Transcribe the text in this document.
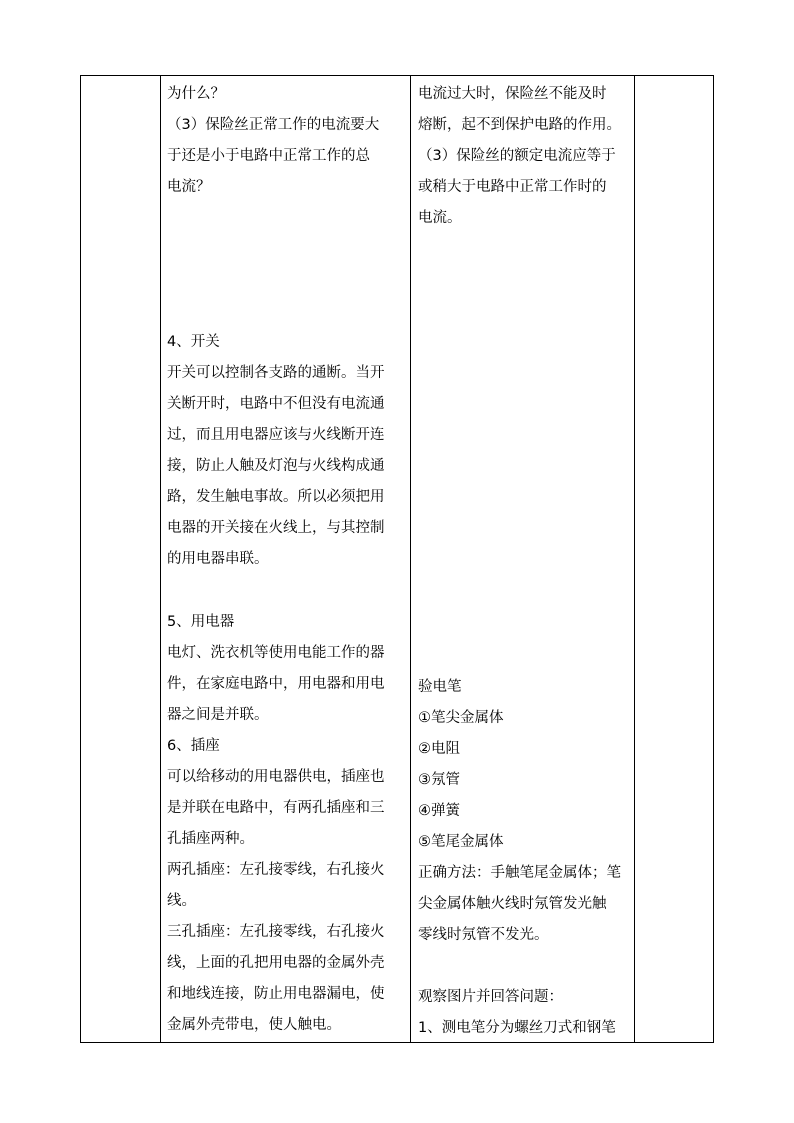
为什么？
（3）保险丝正常工作的电流要大
于还是小于电路中正常工作的总
电流？
4、开关
开关可以控制各支路的通断。当开
关断开时，电路中不但没有电流通
过，而且用电器应该与火线断开连
接，防止人触及灯泡与火线构成通
路，发生触电事故。所以必须把用
电器的开关接在火线上，与其控制
的用电器串联。
5、用电器
电灯、洗衣机等使用电能工作的器
件，在家庭电路中，用电器和用电
器之间是并联。
6、插座
可以给移动的用电器供电，插座也
是并联在电路中，有两孔插座和三
孔插座两种。
两孔插座：左孔接零线，右孔接火
线。
三孔插座：左孔接零线，右孔接火
线，上面的孔把用电器的金属外壳
和地线连接，防止用电器漏电，使
金属外壳带电，使人触电。
电流过大时，保险丝不能及时
熔断，起不到保护电路的作用。
（3）保险丝的额定电流应等于
或稍大于电路中正常工作时的
电流。
验电笔
①笔尖金属体
②电阻
③氖管
④弹簧
⑤笔尾金属体
正确方法：手触笔尾金属体；笔
尖金属体触火线时氖管发光触
零线时氖管不发光。
观察图片并回答问题：
1、测电笔分为螺丝刀式和钢笔
